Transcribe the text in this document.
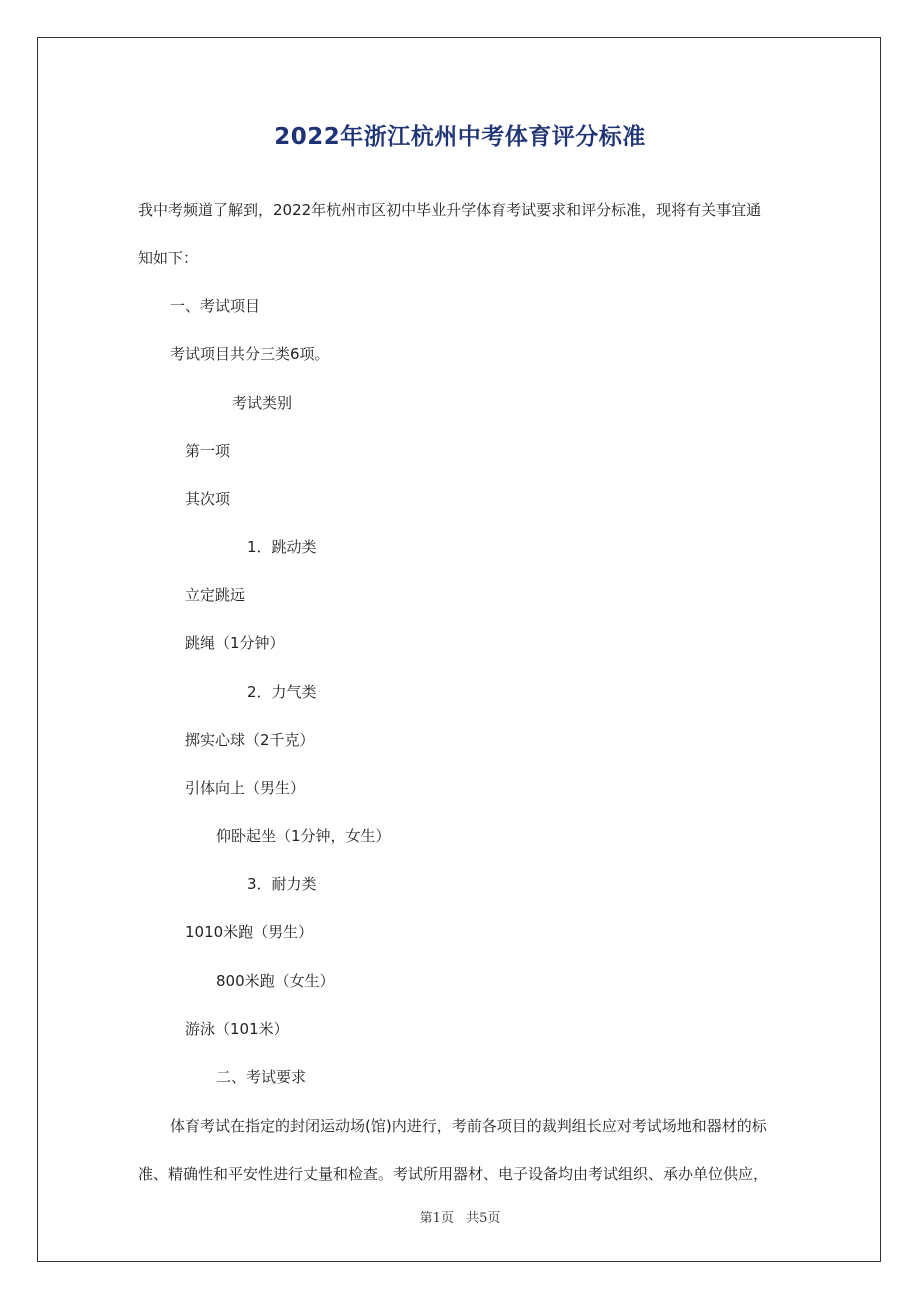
2022年浙江杭州中考体育评分标准
我中考频道了解到，2022年杭州市区初中毕业升学体育考试要求和评分标准，现将有关事宜通
知如下：
一、考试项目
考试项目共分三类6项。
考试类别
第一项
其次项
1．跳动类
立定跳远
跳绳（1分钟）
2．力气类
掷实心球（2千克）
引体向上（男生）
仰卧起坐（1分钟，女生）
3．耐力类
1010米跑（男生）
800米跑（女生）
游泳（101米）
二、考试要求
体育考试在指定的封闭运动场(馆)内进行，考前各项目的裁判组长应对考试场地和器材的标
准、精确性和平安性进行丈量和检查。考试所用器材、电子设备均由考试组织、承办单位供应，
第1页 共5页
